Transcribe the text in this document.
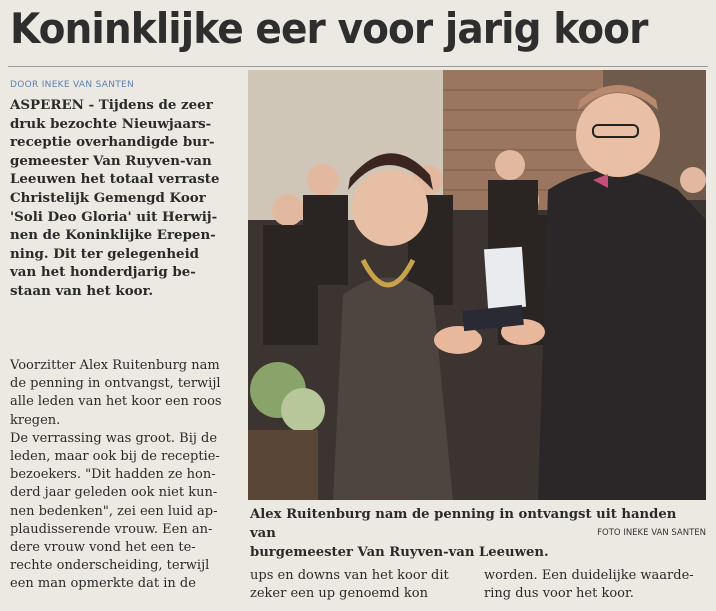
Koninklijke eer voor jarig koor
DOOR INEKE VAN SANTEN

ASPEREN - Tijdens de zeer

druk bezochte Nieuwjaars-

receptie overhandigde bur-

gemeester Van Ruyven-van

Leeuwen het totaal verraste

Christelijk Gemengd Koor

'Soli Deo Gloria' uit Herwij-

nen de Koninklijke Erepen-

ning. Dit ter gelegenheid

van het honderdjarig be-

staan van het koor.

Voorzitter Alex Ruitenburg nam

de penning in ontvangst, terwijl

alle leden van het koor een roos

kregen.

De verrassing was groot. Bij de

leden, maar ook bij de receptie-

bezoekers. "Dit hadden ze hon-

derd jaar geleden ook niet kun-

nen bedenken", zei een luid ap-

plaudisserende vrouw. Een an-

dere vrouw vond het een te-

rechte onderscheiding, terwijl

een man opmerkte dat in de

Alex Ruitenburg nam de penning in ontvangst uit handen van
burgemeester Van Ruyven-van Leeuwen.
FOTO INEKE VAN SANTEN
ups en downs van het koor dit
zeker een up genoemd kon
worden. Een duidelijke waarde-
ring dus voor het koor.
